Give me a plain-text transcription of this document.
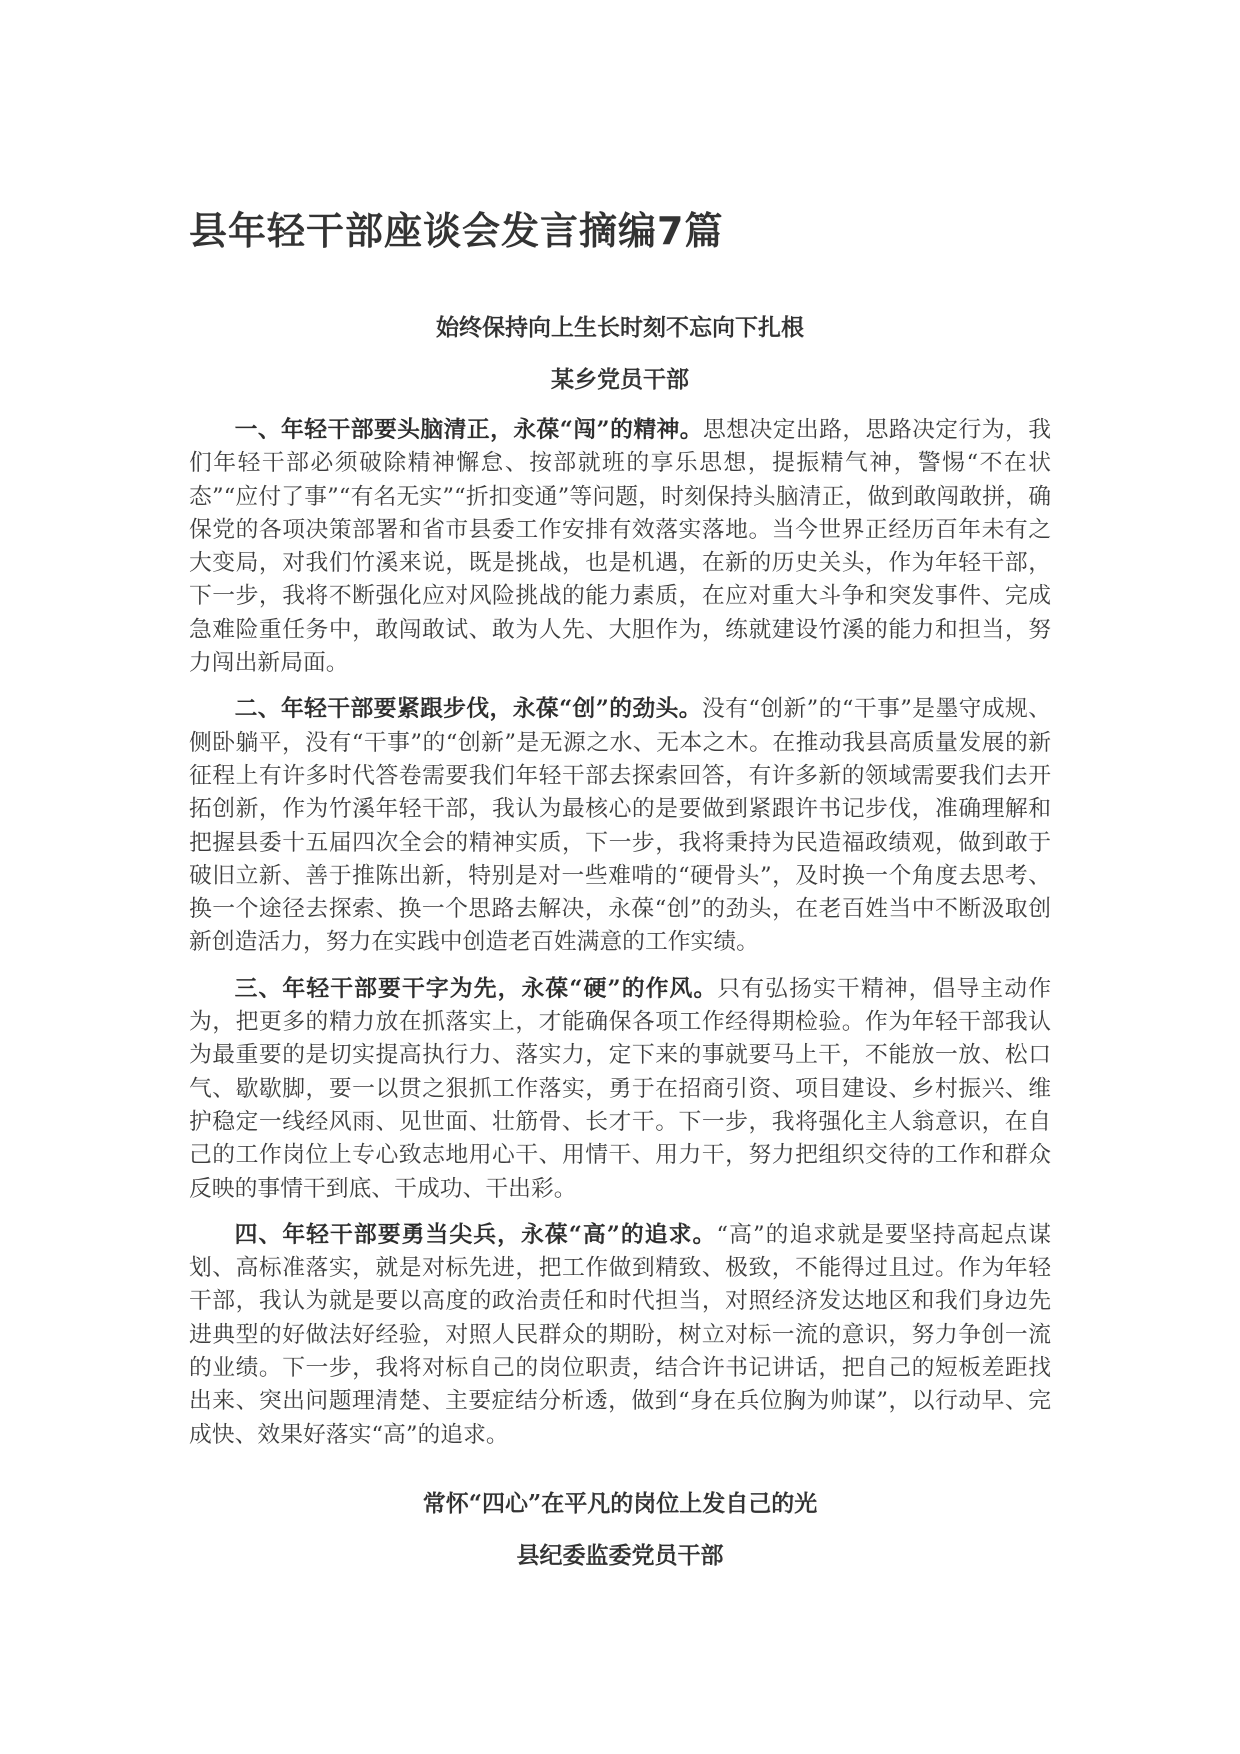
县年轻干部座谈会发言摘编7篇

始终保持向上生长时刻不忘向下扎根

某乡党员干部

一、年轻干部要头脑清正，永葆“闯”的精神。思想决定出路，思路决定行为，我们年轻干部必须破除精神懈怠、按部就班的享乐思想，提振精气神，警惕“不在状态”“应付了事”“有名无实”“折扣变通”等问题，时刻保持头脑清正，做到敢闯敢拼，确保党的各项决策部署和省市县委工作安排有效落实落地。当今世界正经历百年未有之大变局，对我们竹溪来说，既是挑战，也是机遇，在新的历史关头，作为年轻干部，下一步，我将不断强化应对风险挑战的能力素质，在应对重大斗争和突发事件、完成急难险重任务中，敢闯敢试、敢为人先、大胆作为，练就建设竹溪的能力和担当，努力闯出新局面。

二、年轻干部要紧跟步伐，永葆“创”的劲头。没有“创新”的“干事”是墨守成规、侧卧躺平，没有“干事”的“创新”是无源之水、无本之木。在推动我县高质量发展的新征程上有许多时代答卷需要我们年轻干部去探索回答，有许多新的领域需要我们去开拓创新，作为竹溪年轻干部，我认为最核心的是要做到紧跟许书记步伐，准确理解和把握县委十五届四次全会的精神实质，下一步，我将秉持为民造福政绩观，做到敢于破旧立新、善于推陈出新，特别是对一些难啃的“硬骨头”，及时换一个角度去思考、换一个途径去探索、换一个思路去解决，永葆“创”的劲头，在老百姓当中不断汲取创新创造活力，努力在实践中创造老百姓满意的工作实绩。

三、年轻干部要干字为先，永葆“硬”的作风。只有弘扬实干精神，倡导主动作为，把更多的精力放在抓落实上，才能确保各项工作经得期检验。作为年轻干部我认为最重要的是切实提高执行力、落实力，定下来的事就要马上干，不能放一放、松口气、歇歇脚，要一以贯之狠抓工作落实，勇于在招商引资、项目建设、乡村振兴、维护稳定一线经风雨、见世面、壮筋骨、长才干。下一步，我将强化主人翁意识，在自己的工作岗位上专心致志地用心干、用情干、用力干，努力把组织交待的工作和群众反映的事情干到底、干成功、干出彩。

四、年轻干部要勇当尖兵，永葆“高”的追求。“高”的追求就是要坚持高起点谋划、高标准落实，就是对标先进，把工作做到精致、极致，不能得过且过。作为年轻干部，我认为就是要以高度的政治责任和时代担当，对照经济发达地区和我们身边先进典型的好做法好经验，对照人民群众的期盼，树立对标一流的意识，努力争创一流的业绩。下一步，我将对标自己的岗位职责，结合许书记讲话，把自己的短板差距找出来、突出问题理清楚、主要症结分析透，做到“身在兵位胸为帅谋”，以行动早、完成快、效果好落实“高”的追求。

常怀“四心”在平凡的岗位上发自己的光

县纪委监委党员干部
